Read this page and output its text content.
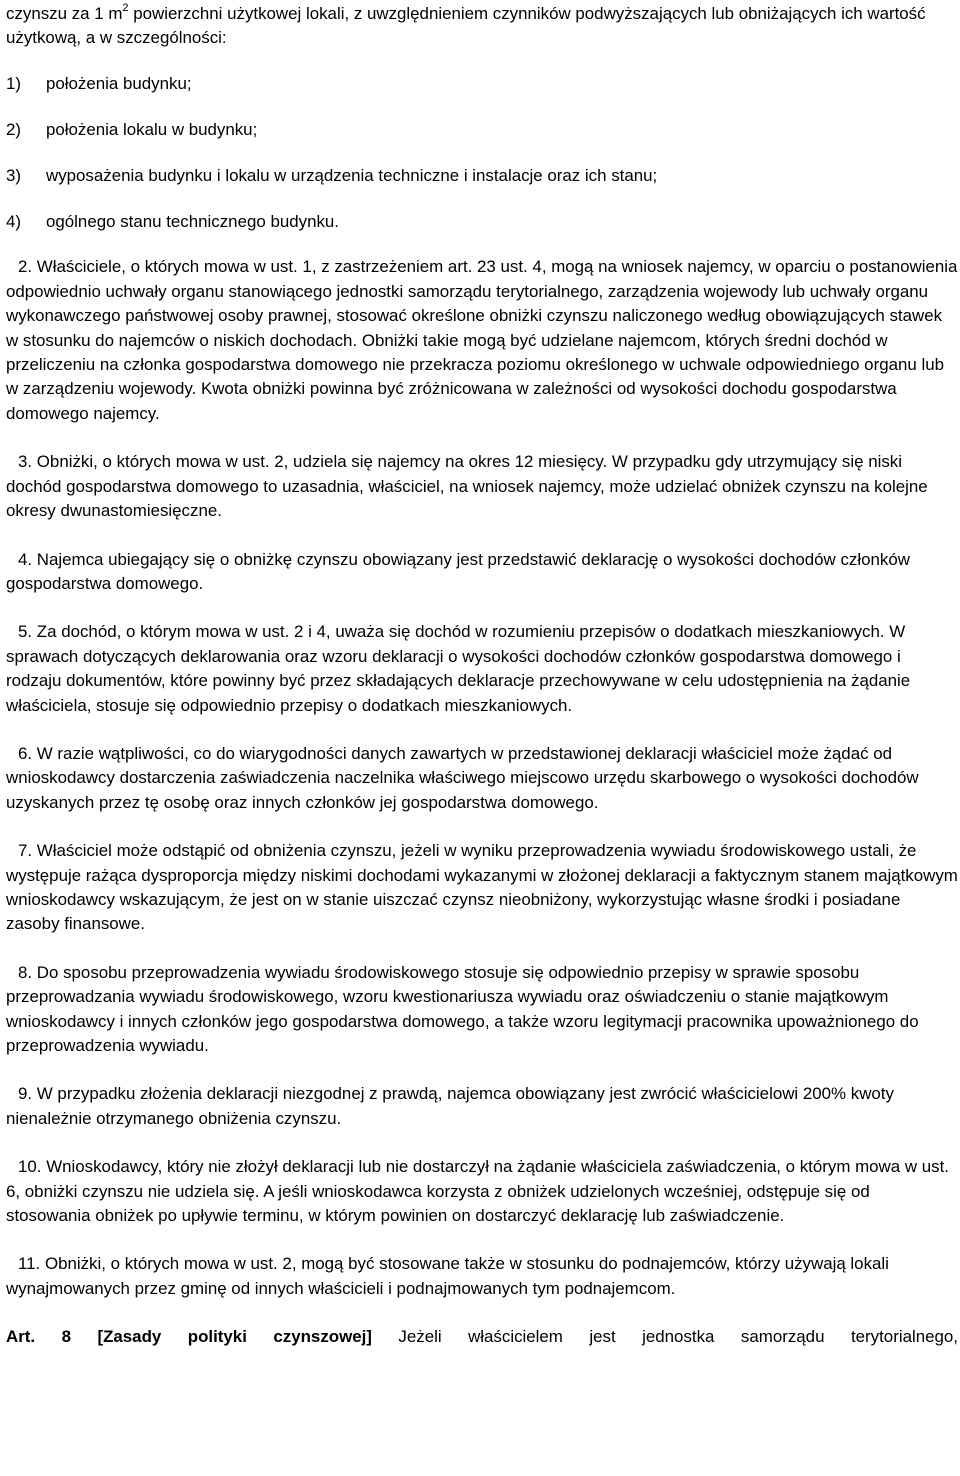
czynszu za 1 $m^2$ powierzchni użytkowej lokali, z uwzględnieniem czynników podwyższających lub obniżających ich wartość użytkową, a w szczególności:

1)	położenia budynku;
2)	położenia lokalu w budynku;
3)	wyposażenia budynku i lokalu w urządzenia techniczne i instalacje oraz ich stanu;
4)	ogólnego stanu technicznego budynku.

2. Właściciele, o których mowa w ust. 1, z zastrzeżeniem art. 23 ust. 4, mogą na wniosek najemcy, w oparciu o postanowienia odpowiednio uchwały organu stanowiącego jednostki samorządu terytorialnego, zarządzenia wojewody lub uchwały organu wykonawczego państwowej osoby prawnej, stosować określone obniżki czynszu naliczonego według obowiązujących stawek w stosunku do najemców o niskich dochodach. Obniżki takie mogą być udzielane najemcom, których średni dochód w przeliczeniu na członka gospodarstwa domowego nie przekracza poziomu określonego w uchwale odpowiedniego organu lub w zarządzeniu wojewody. Kwota obniżki powinna być zróżnicowana w zależności od wysokości dochodu gospodarstwa domowego najemcy.

3. Obniżki, o których mowa w ust. 2, udziela się najemcy na okres 12 miesięcy. W przypadku gdy utrzymujący się niski dochód gospodarstwa domowego to uzasadnia, właściciel, na wniosek najemcy, może udzielać obniżek czynszu na kolejne okresy dwunastomiesięczne.

4. Najemca ubiegający się o obniżkę czynszu obowiązany jest przedstawić deklarację o wysokości dochodów członków gospodarstwa domowego.

5. Za dochód, o którym mowa w ust. 2 i 4, uważa się dochód w rozumieniu przepisów o dodatkach mieszkaniowych. W sprawach dotyczących deklarowania oraz wzoru deklaracji o wysokości dochodów członków gospodarstwa domowego i rodzaju dokumentów, które powinny być przez składających deklaracje przechowywane w celu udostępnienia na żądanie właściciela, stosuje się odpowiednio przepisy o dodatkach mieszkaniowych.

6. W razie wątpliwości, co do wiarygodności danych zawartych w przedstawionej deklaracji właściciel może żądać od wnioskodawcy dostarczenia zaświadczenia naczelnika właściwego miejscowo urzędu skarbowego o wysokości dochodów uzyskanych przez tę osobę oraz innych członków jej gospodarstwa domowego.

7. Właściciel może odstąpić od obniżenia czynszu, jeżeli w wyniku przeprowadzenia wywiadu środowiskowego ustali, że występuje rażąca dysproporcja między niskimi dochodami wykazanymi w złożonej deklaracji a faktycznym stanem majątkowym wnioskodawcy wskazującym, że jest on w stanie uiszczać czynsz nieobniżony, wykorzystując własne środki i posiadane zasoby finansowe.

8. Do sposobu przeprowadzenia wywiadu środowiskowego stosuje się odpowiednio przepisy w sprawie sposobu przeprowadzania wywiadu środowiskowego, wzoru kwestionariusza wywiadu oraz oświadczeniu o stanie majątkowym wnioskodawcy i innych członków jego gospodarstwa domowego, a także wzoru legitymacji pracownika upoważnionego do przeprowadzenia wywiadu.

9. W przypadku złożenia deklaracji niezgodnej z prawdą, najemca obowiązany jest zwrócić właścicielowi 200% kwoty nienależnie otrzymanego obniżenia czynszu.

10. Wnioskodawcy, który nie złożył deklaracji lub nie dostarczył na żądanie właściciela zaświadczenia, o którym mowa w ust. 6, obniżki czynszu nie udziela się. A jeśli wnioskodawca korzysta z obniżek udzielonych wcześniej, odstępuje się od stosowania obniżek po upływie terminu, w którym powinien on dostarczyć deklarację lub zaświadczenie.

11. Obniżki, o których mowa w ust. 2, mogą być stosowane także w stosunku do podnajemców, którzy używają lokali wynajmowanych przez gminę od innych właścicieli i podnajmowanych tym podnajemcom.

Art. 8 [Zasady polityki czynszowej] Jeżeli właścicielem jest jednostka samorządu terytorialnego,
